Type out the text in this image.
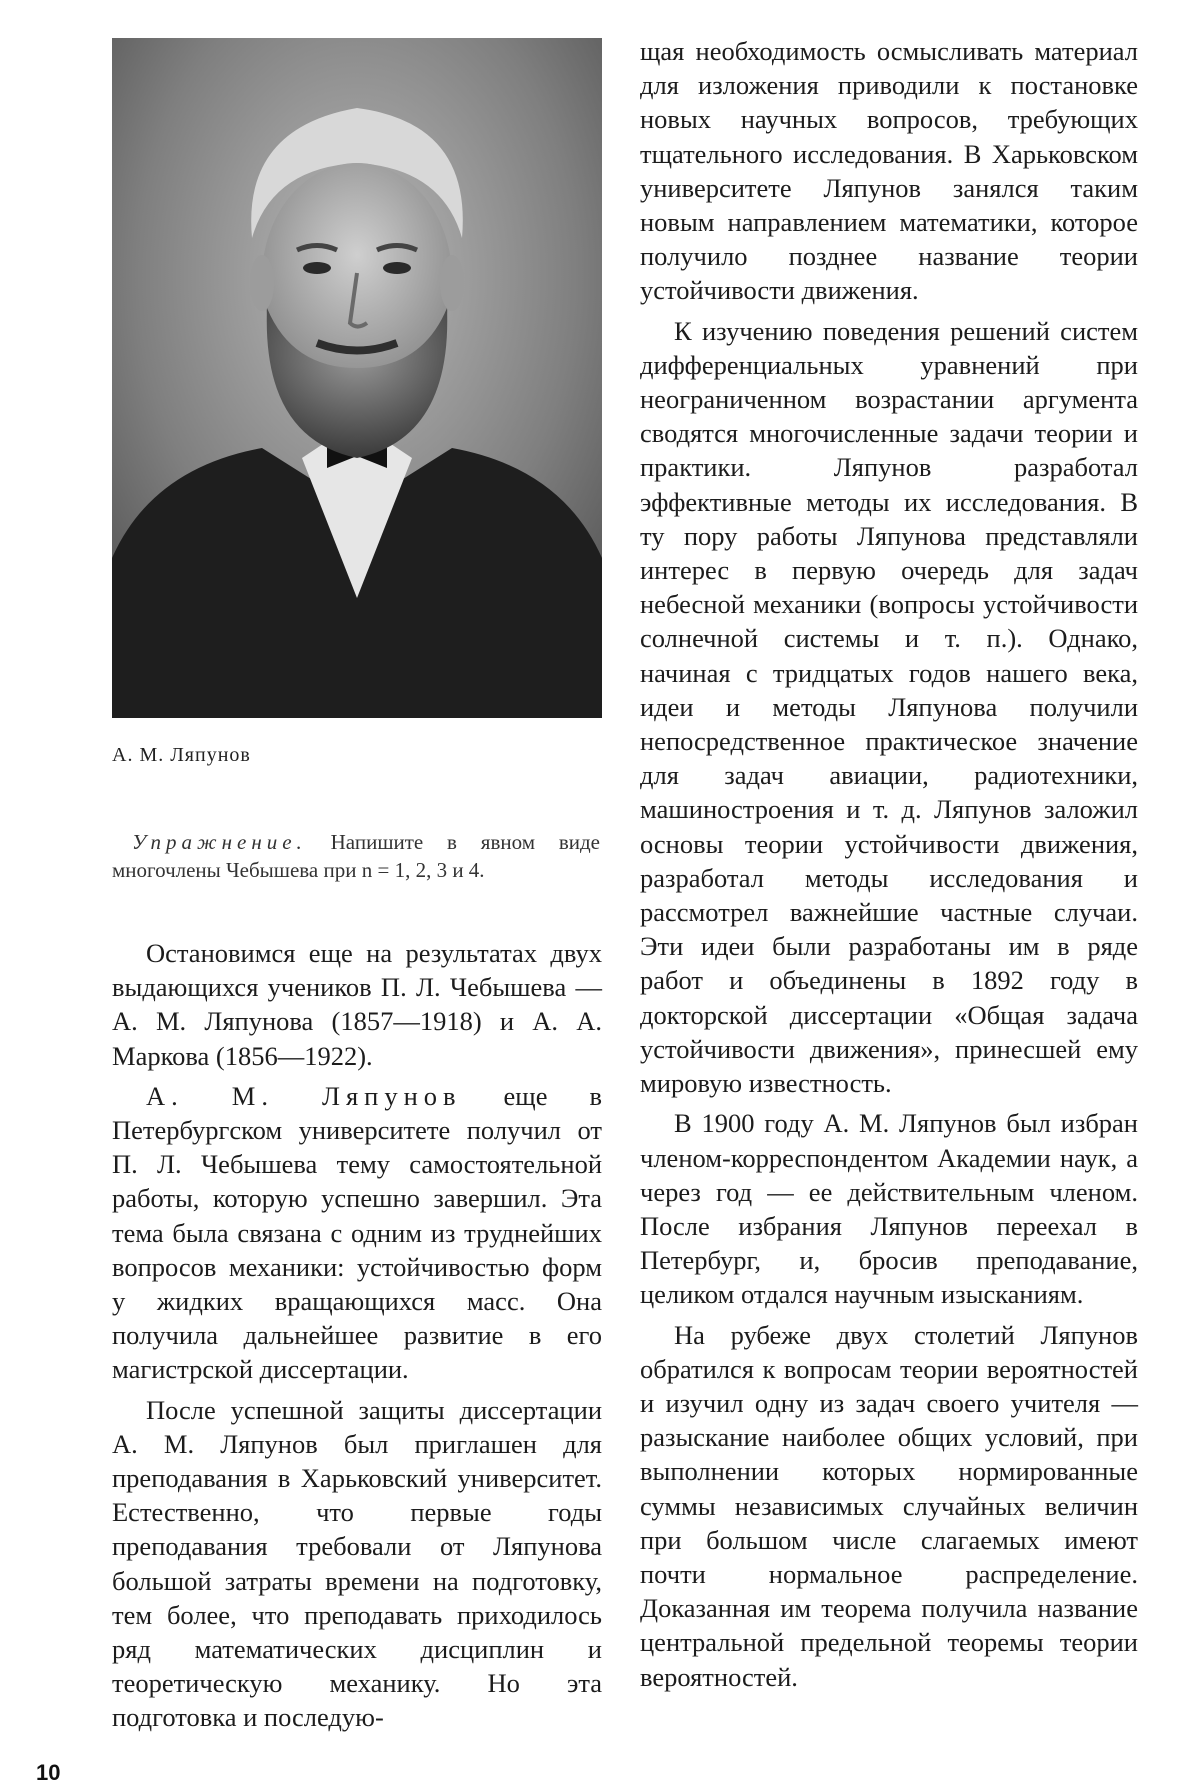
А. М. Ляпунов

Упражнение. Напишите в явном виде многочлены Чебышева при n = 1, 2, 3 и 4.

Остановимся еще на результатах двух выдающихся учеников П. Л. Чебышева — А. М. Ляпунова (1857—1918) и А. А. Маркова (1856—1922).

А. М. Ляпунов еще в Петербургском университете получил от П. Л. Чебышева тему самостоятельной работы, которую успешно завершил. Эта тема была связана с одним из труднейших вопросов механики: устойчивостью форм у жидких вращающихся масс. Она получила дальнейшее развитие в его магистрской диссертации.

После успешной защиты диссертации А. М. Ляпунов был приглашен для преподавания в Харьковский университет. Естественно, что первые годы преподавания требовали от Ляпунова большой затраты времени на подготовку, тем более, что преподавать приходилось ряд математических дисциплин и теоретическую механику. Но эта подготовка и последую-

щая необходимость осмысливать материал для изложения приводили к постановке новых научных вопросов, требующих тщательного исследования. В Харьковском университете Ляпунов занялся таким новым направлением математики, которое получило позднее название теории устойчивости движения.

К изучению поведения решений систем дифференциальных уравнений при неограниченном возрастании аргумента сводятся многочисленные задачи теории и практики. Ляпунов разработал эффективные методы их исследования. В ту пору работы Ляпунова представляли интерес в первую очередь для задач небесной механики (вопросы устойчивости солнечной системы и т. п.). Однако, начиная с тридцатых годов нашего века, идеи и методы Ляпунова получили непосредственное практическое значение для задач авиации, радиотехники, машиностроения и т. д. Ляпунов заложил основы теории устойчивости движения, разработал методы исследования и рассмотрел важнейшие частные случаи. Эти идеи были разработаны им в ряде работ и объединены в 1892 году в докторской диссертации «Общая задача устойчивости движения», принесшей ему мировую известность.

В 1900 году А. М. Ляпунов был избран членом-корреспондентом Академии наук, а через год — ее действительным членом. После избрания Ляпунов переехал в Петербург, и, бросив преподавание, целиком отдался научным изысканиям.

На рубеже двух столетий Ляпунов обратился к вопросам теории вероятностей и изучил одну из задач своего учителя — разыскание наиболее общих условий, при выполнении которых нормированные суммы независимых случайных величин при большом числе слагаемых имеют почти нормальное распределение. Доказанная им теорема получила название центральной предельной теоремы теории вероятностей.

10
